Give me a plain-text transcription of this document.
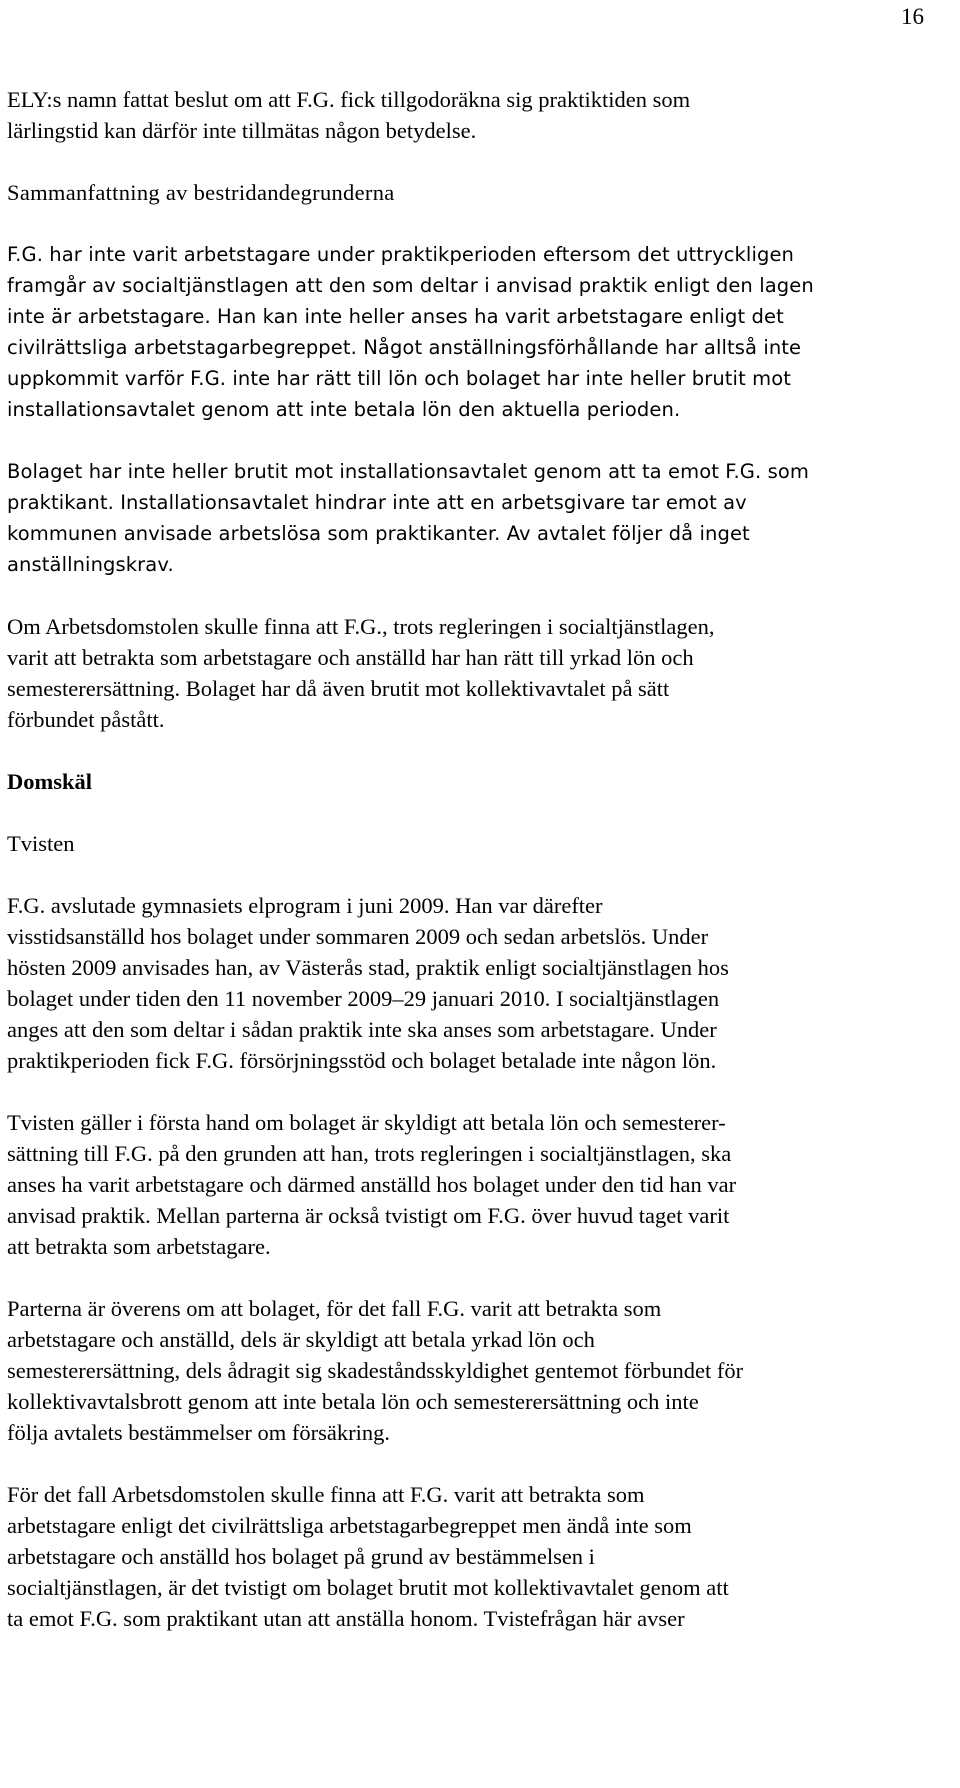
16

ELY:s namn fattat beslut om att F.G. fick tillgodoräkna sig praktiktiden som
lärlingstid kan därför inte tillmätas någon betydelse.

Sammanfattning av bestridandegrunderna

F.G. har inte varit arbetstagare under praktikperioden eftersom det uttryckligen
framgår av socialtjänstlagen att den som deltar i anvisad praktik enligt den lagen
inte är arbetstagare. Han kan inte heller anses ha varit arbetstagare enligt det
civilrättsliga arbetstagarbegreppet. Något anställningsförhållande har alltså inte
uppkommit varför F.G. inte har rätt till lön och bolaget har inte heller brutit mot
installationsavtalet genom att inte betala lön den aktuella perioden.

Bolaget har inte heller brutit mot installationsavtalet genom att ta emot F.G. som
praktikant. Installationsavtalet hindrar inte att en arbetsgivare tar emot av
kommunen anvisade arbetslösa som praktikanter. Av avtalet följer då inget
anställningskrav.

Om Arbetsdomstolen skulle finna att F.G., trots regleringen i socialtjänstlagen,
varit att betrakta som arbetstagare och anställd har han rätt till yrkad lön och
semesterersättning. Bolaget har då även brutit mot kollektivavtalet på sätt
förbundet påstått.

Domskäl

Tvisten

F.G. avslutade gymnasiets elprogram i juni 2009. Han var därefter
visstidsanställd hos bolaget under sommaren 2009 och sedan arbetslös. Under
hösten 2009 anvisades han, av Västerås stad, praktik enligt socialtjänstlagen hos
bolaget under tiden den 11 november 2009–29 januari 2010. I socialtjänstlagen
anges att den som deltar i sådan praktik inte ska anses som arbetstagare. Under
praktikperioden fick F.G. försörjningsstöd och bolaget betalade inte någon lön.

Tvisten gäller i första hand om bolaget är skyldigt att betala lön och semesterer-
sättning till F.G. på den grunden att han, trots regleringen i socialtjänstlagen, ska
anses ha varit arbetstagare och därmed anställd hos bolaget under den tid han var
anvisad praktik. Mellan parterna är också tvistigt om F.G. över huvud taget varit
att betrakta som arbetstagare.

Parterna är överens om att bolaget, för det fall F.G. varit att betrakta som
arbetstagare och anställd, dels är skyldigt att betala yrkad lön och
semesterersättning, dels ådragit sig skadeståndsskyldighet gentemot förbundet för
kollektivavtalsbrott genom att inte betala lön och semesterersättning och inte
följa avtalets bestämmelser om försäkring.

För det fall Arbetsdomstolen skulle finna att F.G. varit att betrakta som
arbetstagare enligt det civilrättsliga arbetstagarbegreppet men ändå inte som
arbetstagare och anställd hos bolaget på grund av bestämmelsen i
socialtjänstlagen, är det tvistigt om bolaget brutit mot kollektivavtalet genom att
ta emot F.G. som praktikant utan att anställa honom. Tvistefrågan här avser
